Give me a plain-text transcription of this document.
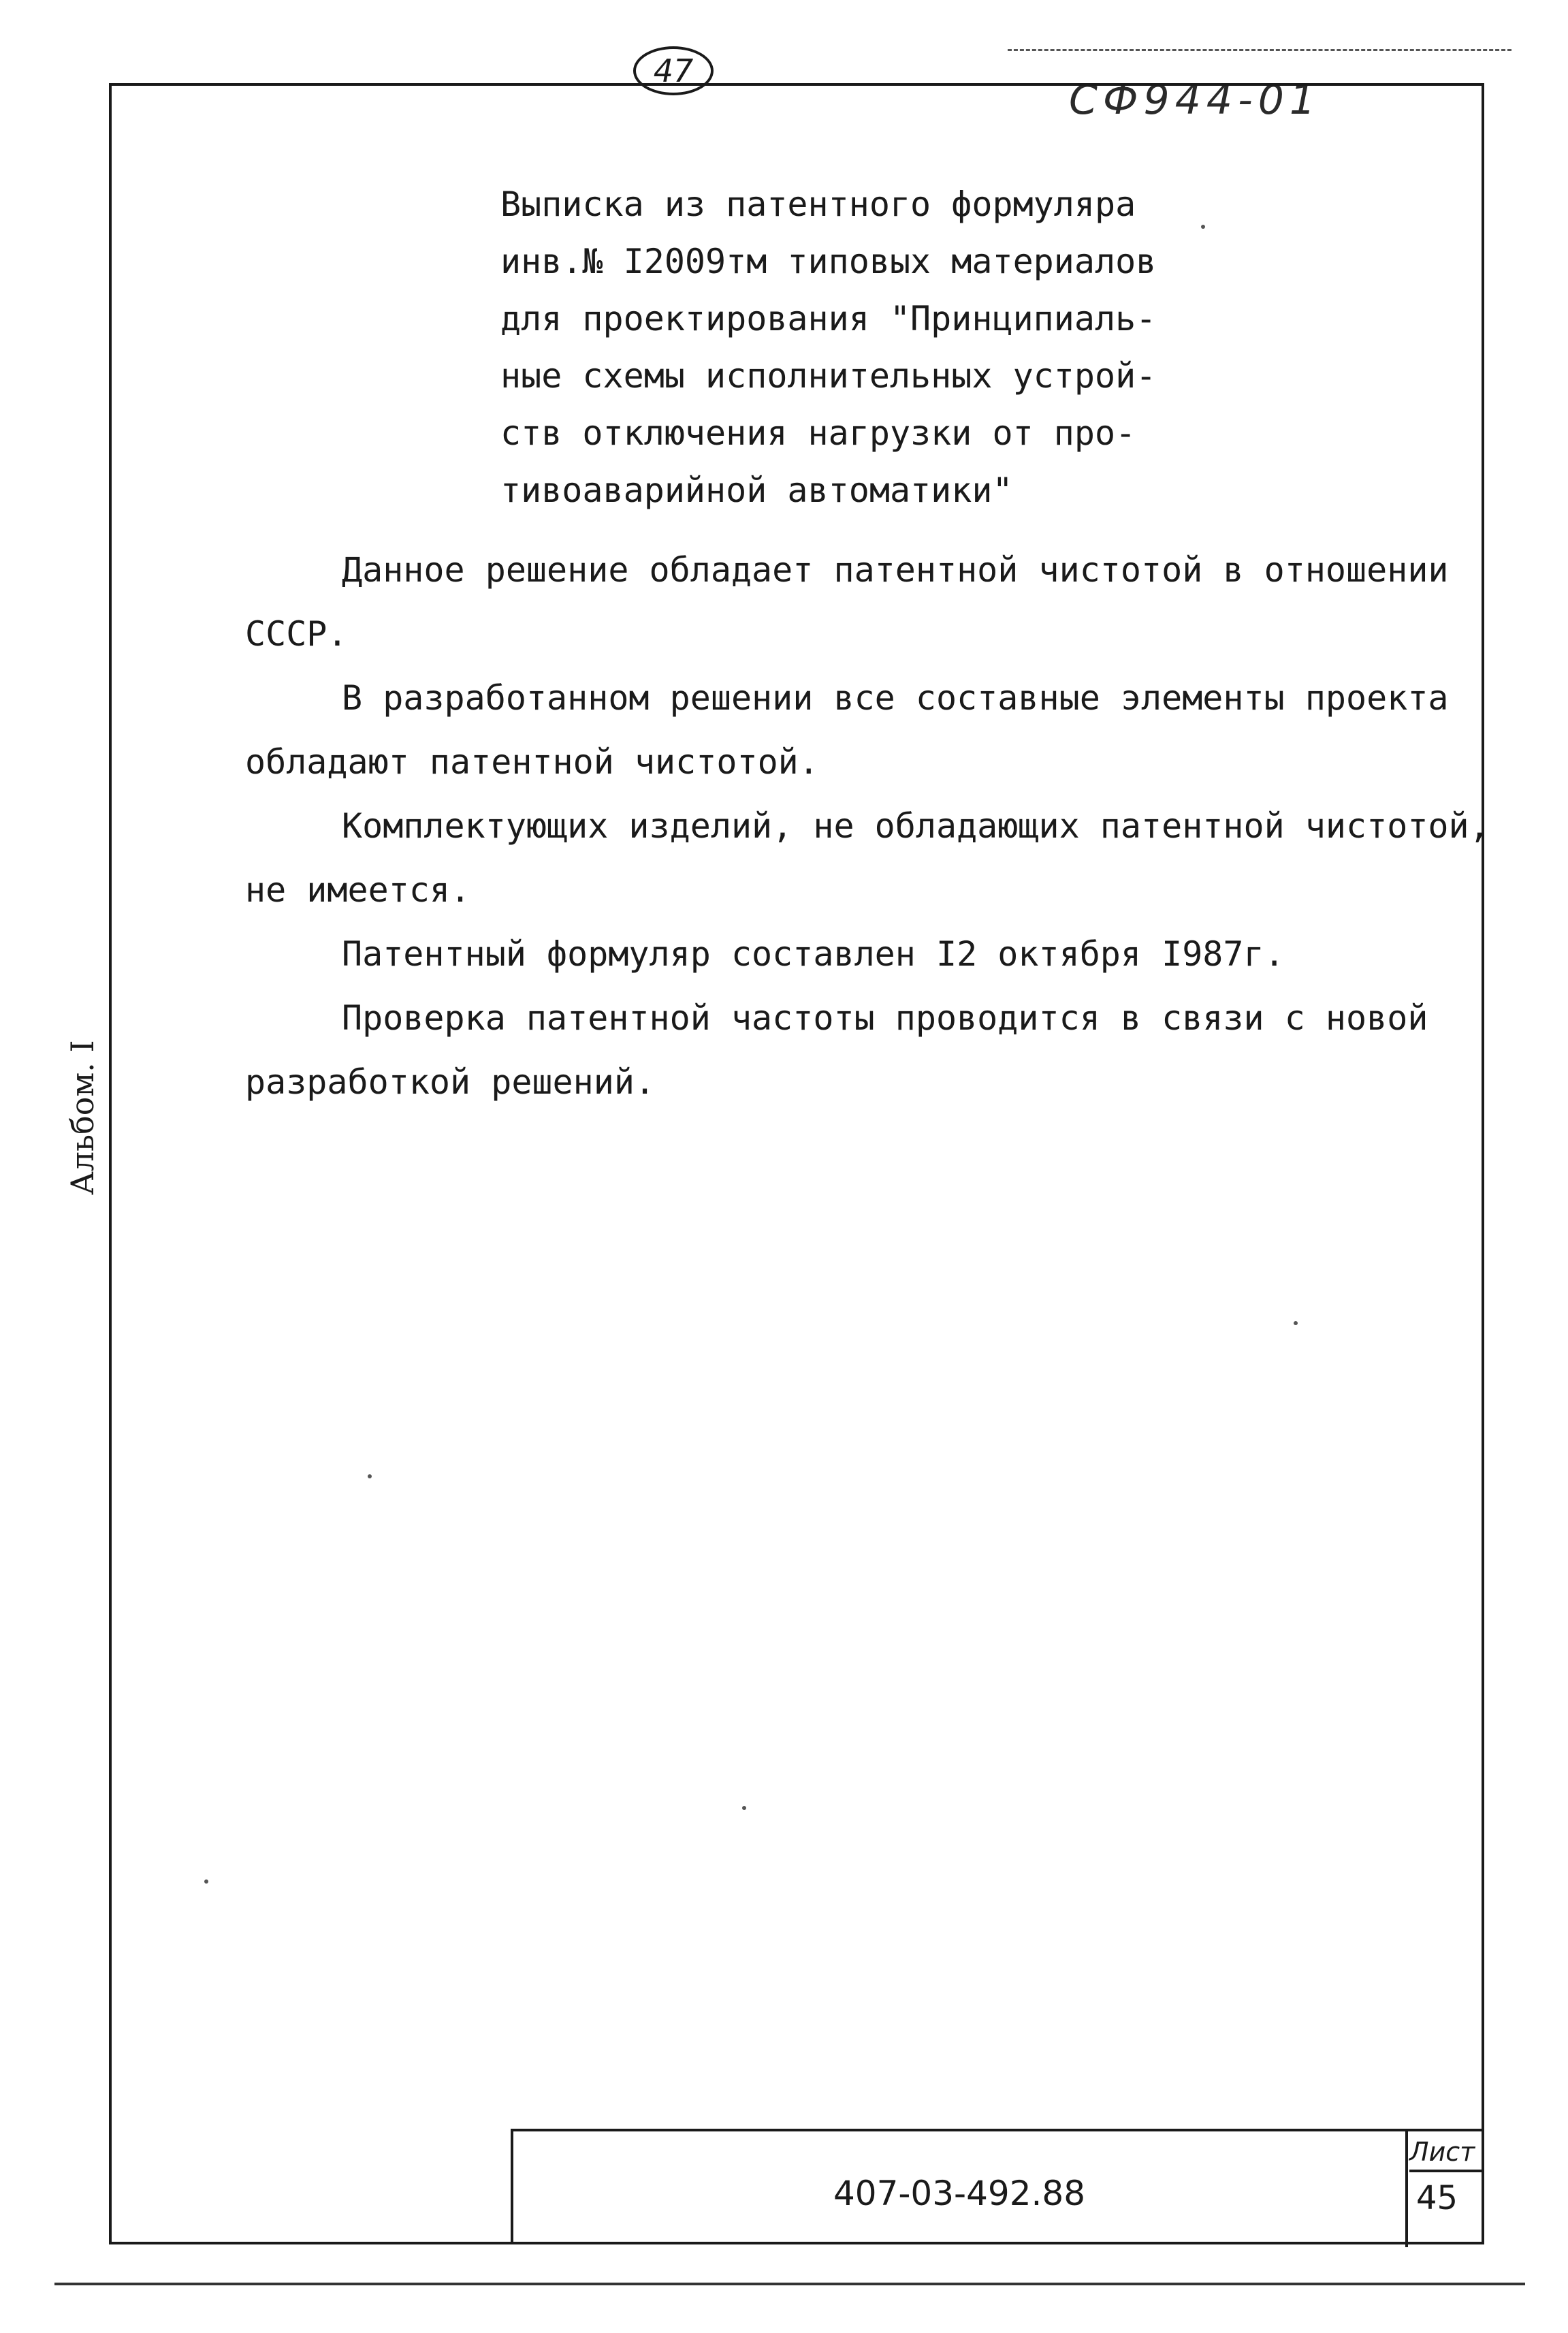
47
СФ944-01
Выписка из патентного формуляра
инв.№ I2009тм типовых материалов
для проектирования "Принципиаль-
ные схемы исполнительных устрой-
ств отключения нагрузки от про-
тивоаварийной автоматики"
Данное решение обладает патентной чистотой в отношении
СССР.
В разработанном решении все составные элементы проекта
обладают патентной чистотой.
Комплектующих изделий, не обладающих патентной чистотой,
не имеется.
Патентный формуляр составлен I2 октября I987г.
Проверка патентной частоты проводится в связи с новой
разработкой решений.
Альбом. I
407-03-492.88
Лист
45
